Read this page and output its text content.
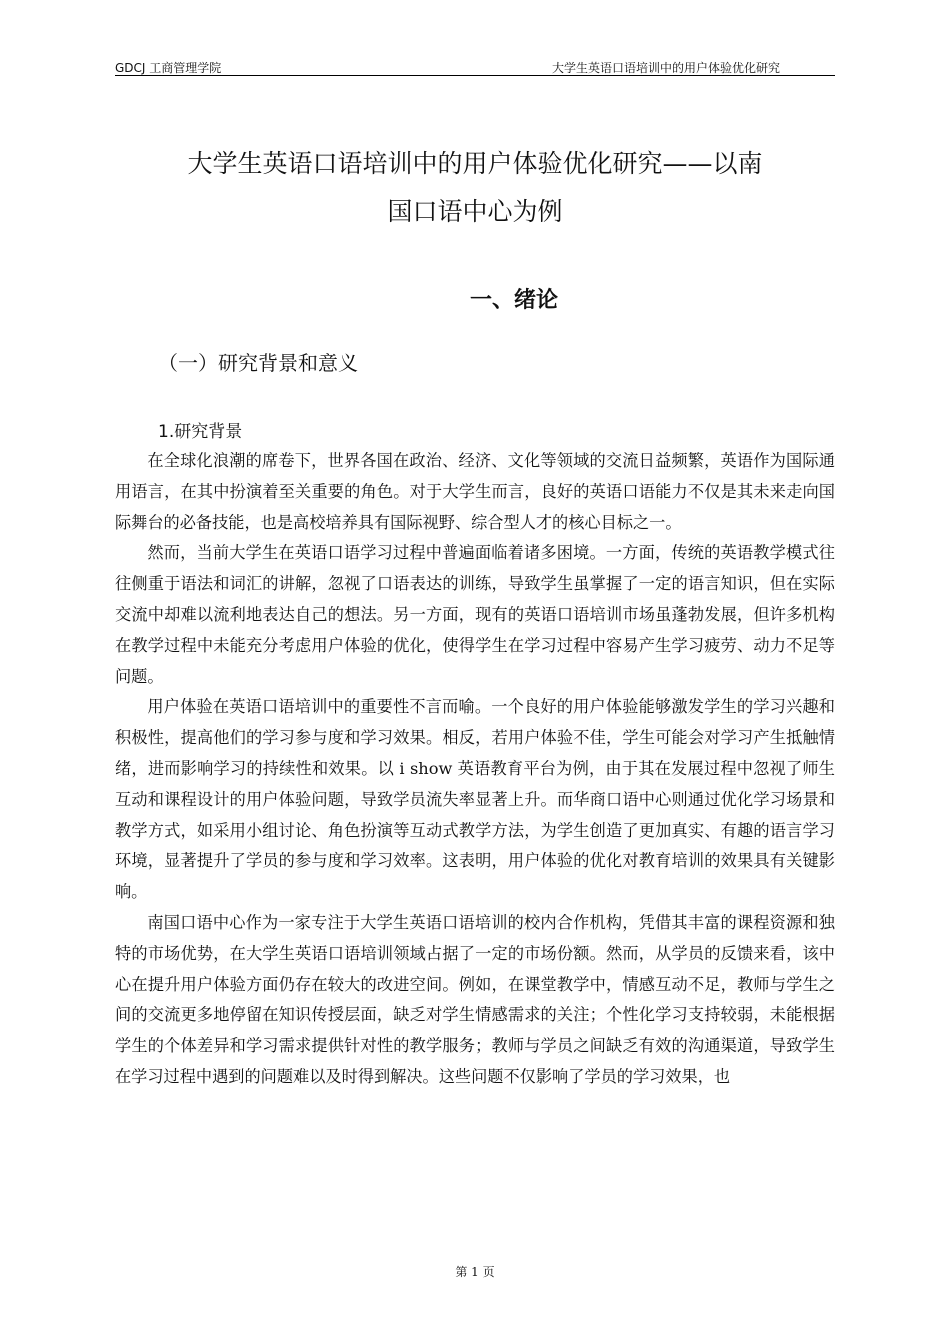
GDCJ 工商管理学院	大学生英语口语培训中的用户体验优化研究
大学生英语口语培训中的用户体验优化研究——以南
国口语中心为例
一、绪论
（一）研究背景和意义
1.研究背景

在全球化浪潮的席卷下，世界各国在政治、经济、文化等领域的交流日益频繁，英语作为国际通用语言，在其中扮演着至关重要的角色。对于大学生而言，良好的英语口语能力不仅是其未来走向国际舞台的必备技能，也是高校培养具有国际视野、综合型人才的核心目标之一。

然而，当前大学生在英语口语学习过程中普遍面临着诸多困境。一方面，传统的英语教学模式往往侧重于语法和词汇的讲解，忽视了口语表达的训练，导致学生虽掌握了一定的语言知识，但在实际交流中却难以流利地表达自己的想法。另一方面，现有的英语口语培训市场虽蓬勃发展，但许多机构在教学过程中未能充分考虑用户体验的优化，使得学生在学习过程中容易产生学习疲劳、动力不足等问题。

用户体验在英语口语培训中的重要性不言而喻。一个良好的用户体验能够激发学生的学习兴趣和积极性，提高他们的学习参与度和学习效果。相反，若用户体验不佳，学生可能会对学习产生抵触情绪，进而影响学习的持续性和效果。以 i show 英语教育平台为例，由于其在发展过程中忽视了师生互动和课程设计的用户体验问题，导致学员流失率显著上升。而华商口语中心则通过优化学习场景和教学方式，如采用小组讨论、角色扮演等互动式教学方法，为学生创造了更加真实、有趣的语言学习环境，显著提升了学员的参与度和学习效率。这表明，用户体验的优化对教育培训的效果具有关键影响。

南国口语中心作为一家专注于大学生英语口语培训的校内合作机构，凭借其丰富的课程资源和独特的市场优势，在大学生英语口语培训领域占据了一定的市场份额。然而，从学员的反馈来看，该中心在提升用户体验方面仍存在较大的改进空间。例如，在课堂教学中，情感互动不足，教师与学生之间的交流更多地停留在知识传授层面，缺乏对学生情感需求的关注；个性化学习支持较弱，未能根据学生的个体差异和学习需求提供针对性的教学服务；教师与学员之间缺乏有效的沟通渠道，导致学生在学习过程中遇到的问题难以及时得到解决。这些问题不仅影响了学员的学习效果，也

第 1 页
